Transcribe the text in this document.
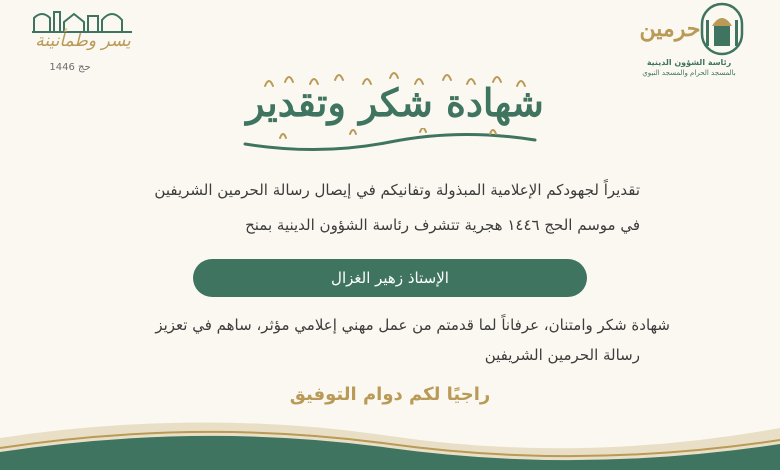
يسر وطمأنينة
حج 1446
حرمين
رئاسة الشؤون الدينية
بالمسجد الحرام والمسجد النبوي
شهادة شكر وتقدير
تقديراً لجهودكم الإعلامية المبذولة وتفانيكم في إيصال رسالة الحرمين الشريفين
في موسم الحج ١٤٤٦ هجرية تتشرف رئاسة الشؤون الدينية بمنح
الإستاذ زهير الغزال
شهادة شكر وامتنان، عرفاناً لما قدمتم من عمل مهني إعلامي مؤثر، ساهم في تعزيز
رسالة الحرمين الشريفين
راجيًا لكم دوام التوفيق
